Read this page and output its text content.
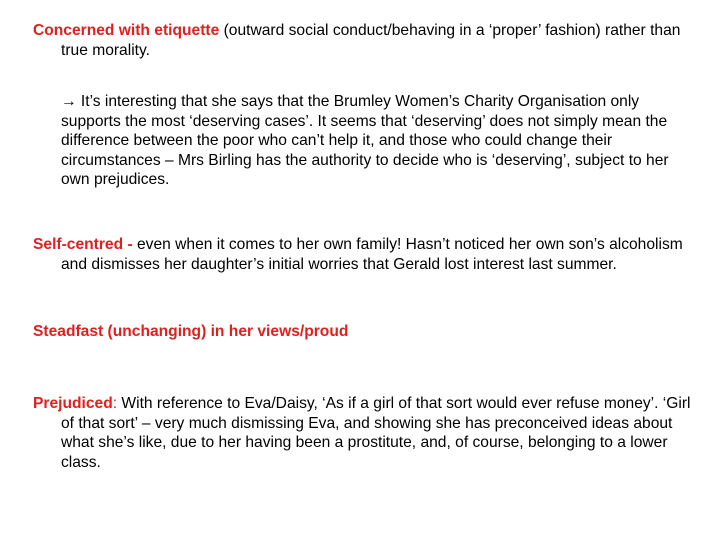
Concerned with etiquette (outward social conduct/behaving in a ‘proper’ fashion) rather than true morality.

→ It’s interesting that she says that the Brumley Women’s Charity Organisation only supports the most ‘deserving cases’. It seems that ‘deserving’ does not simply mean the difference between the poor who can’t help it, and those who could change their circumstances – Mrs Birling has the authority to decide who is ‘deserving’, subject to her own prejudices.

Self-centred - even when it comes to her own family! Hasn’t noticed her own son’s alcoholism and dismisses her daughter’s initial worries that Gerald lost interest last summer.

Steadfast (unchanging) in her views/proud

Prejudiced: With reference to Eva/Daisy, ‘As if a girl of that sort would ever refuse money’. ‘Girl of that sort’ – very much dismissing Eva, and showing she has preconceived ideas about what she’s like, due to her having been a prostitute, and, of course, belonging to a lower class.
